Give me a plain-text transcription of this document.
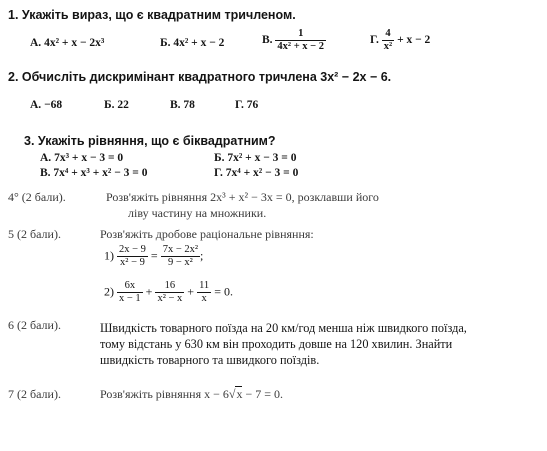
1. Укажіть вираз, що є квадратним тричленом.
А. 4x² + x − 2x³	Б. 4x² + x − 2	В. $\frac{1}{\text{4x² + x − 2}}$	Г. $\frac{4}{\text{x²}} + x - 2$
2. Обчисліть дискримінант квадратного тричлена 3x² − 2x − 6.
А. −68	Б. 22	В. 78	Г. 76
3. Укажіть рівняння, що є біквадратним?
А. 7x³ + x − 3 = 0	Б. 7x² + x − 3 = 0
В. 7x⁴ + x³ + x² − 3 = 0	Г. 7x⁴ + x² − 3 = 0
4° (2 бали).	Розв'яжіть рівняння 2x³ + x² − 3x = 0, розклавши його
ліву частину на множники.
5 (2 бали).	Розв'яжіть дробове раціональне рівняння:
$1) \frac{2x - 9}{\text{x² − 9}} = \frac{\text{7x − 2x²}}{\text{9 − x²}}$ ;
$2) \frac{6x}{x - 1} + \frac{16}{\text{x² − x}} + \frac{11}{x} = 0$.
6 (2 бали).	Швидкість товарного поїзда на 20 км/год менша ніж швидкого поїзда,
тому відстань у 630 км він проходить довше на 120 хвилин. Знайти
швидкість товарного та швидкого поїздів.
7 (2 бали).	Розв'яжіть рівняння x − 6√x − 7 = 0.
